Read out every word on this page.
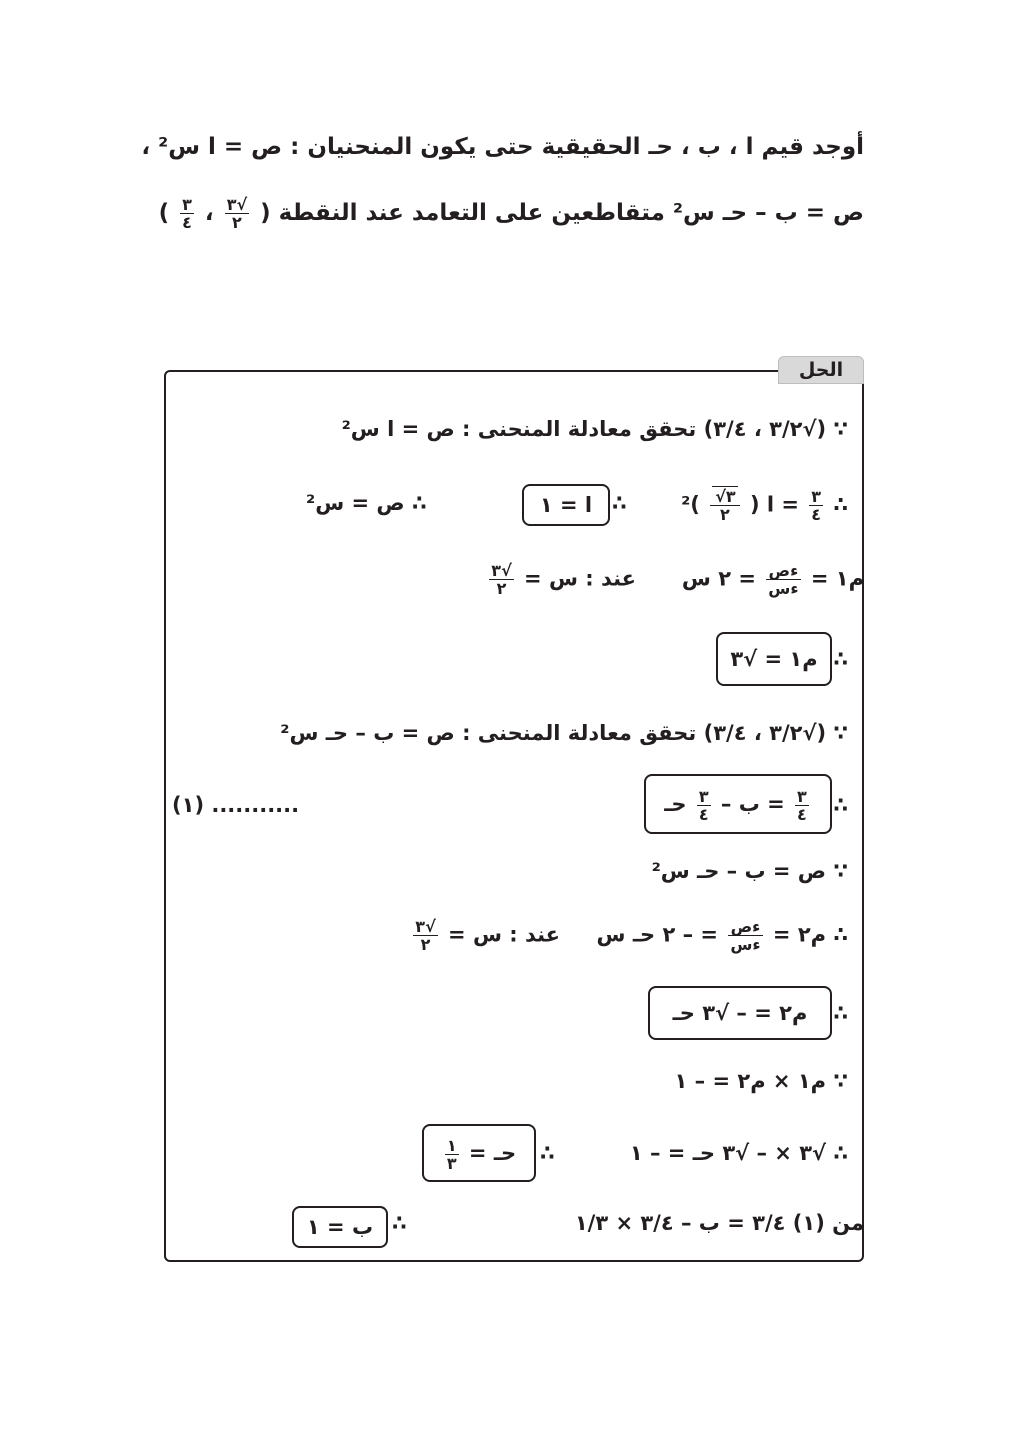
أوجد قيم ا ، ب ، حـ الحقيقية حتى يكون المنحنيان : ص = ا س² ،
ص = ب – حـ س² متقاطعين على التعامد عند النقطة (
√٣
٢
،
٣
٤
)
الحل
∵ (√٣/٢ ، ٣/٤) تحقق معادلة المنحنى : ص = ا س²
∴
٣
٤
= ا (
٣ √
٢
)²
∴
ا = ١
∴ ص = س²
م١ =
ءص
ءس
= ٢ س
عند : س =
√٣
٢
∴
م١ = √٣
∵ (√٣/٢ ، ٣/٤) تحقق معادلة المنحنى : ص = ب – حـ س²
∴
٣
٤
= ب –
٣
٤
حـ
(١) ...........
∵ ص = ب – حـ س²
∴ م٢ =
ءص
ءس
= – ٢ حـ س
عند : س =
√٣
٢
∴
م٢ = – √٣ حـ
∵ م١ × م٢ = – ١
∴ √٣ × – √٣ حـ = – ١
∴
حـ =
١
٣
من (١) ٣/٤ = ب – ٣/٤ × ١/٣
∴
ب = ١
